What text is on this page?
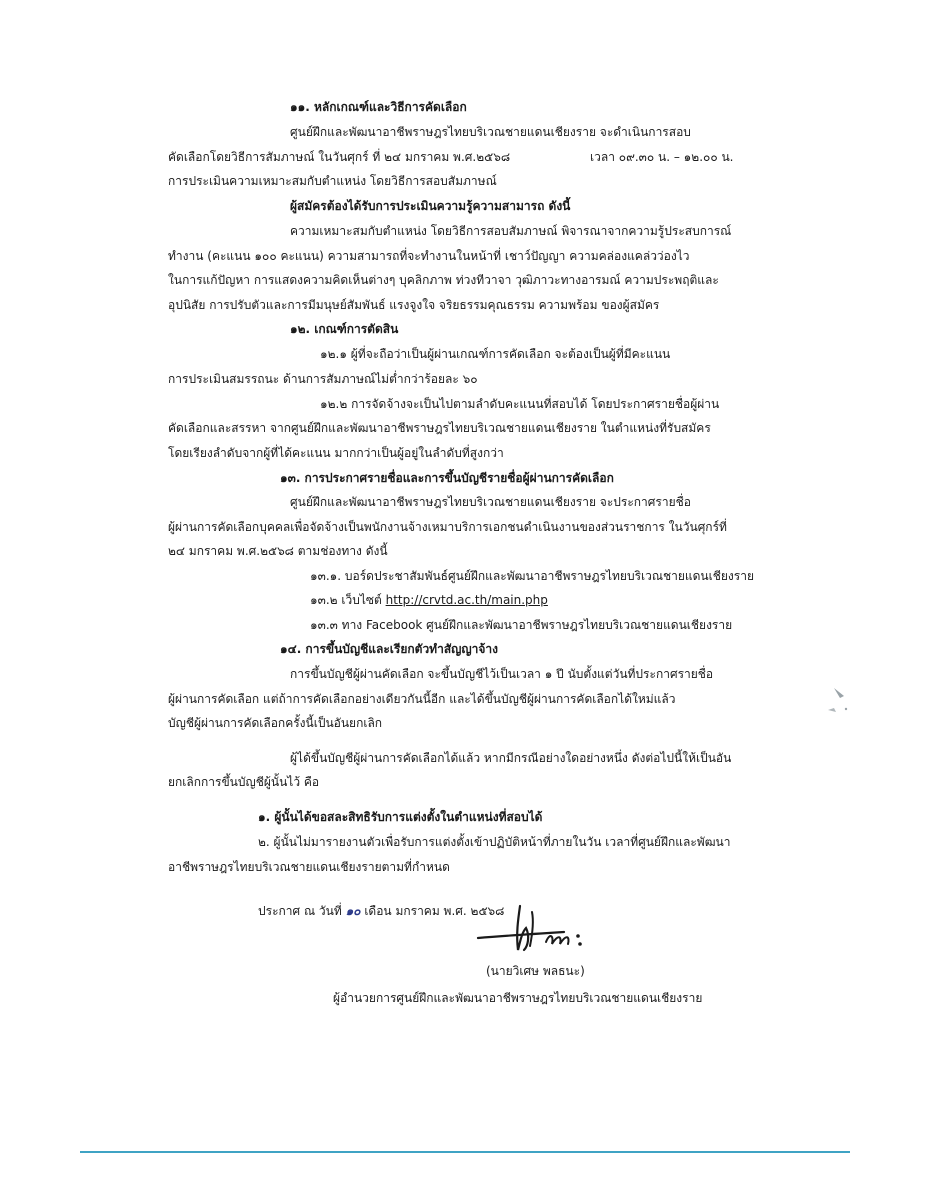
๑๑. หลักเกณฑ์และวิธีการคัดเลือก
ศูนย์ฝึกและพัฒนาอาชีพราษฎรไทยบริเวณชายแดนเชียงราย จะดำเนินการสอบ
คัดเลือกโดยวิธีการสัมภาษณ์ ในวันศุกร์ ที่ ๒๔ มกราคม พ.ศ.๒๕๖๘	เวลา ๐๙.๓๐ น. – ๑๒.๐๐ น.
การประเมินความเหมาะสมกับตำแหน่ง โดยวิธีการสอบสัมภาษณ์
ผู้สมัครต้องได้รับการประเมินความรู้ความสามารถ ดังนี้
ความเหมาะสมกับตำแหน่ง โดยวิธีการสอบสัมภาษณ์ พิจารณาจากความรู้ประสบการณ์
ทำงาน (คะแนน ๑๐๐ คะแนน) ความสามารถที่จะทำงานในหน้าที่ เชาว์ปัญญา ความคล่องแคล่วว่องไว
ในการแก้ปัญหา การแสดงความคิดเห็นต่างๆ บุคลิกภาพ ท่วงทีวาจา วุฒิภาวะทางอารมณ์ ความประพฤติและ
อุปนิสัย การปรับตัวและการมีมนุษย์สัมพันธ์ แรงจูงใจ จริยธรรมคุณธรรม ความพร้อม ของผู้สมัคร
๑๒. เกณฑ์การตัดสิน
๑๒.๑ ผู้ที่จะถือว่าเป็นผู้ผ่านเกณฑ์การคัดเลือก จะต้องเป็นผู้ที่มีคะแนน
การประเมินสมรรถนะ ด้านการสัมภาษณ์ไม่ต่ำกว่าร้อยละ ๖๐
๑๒.๒ การจัดจ้างจะเป็นไปตามลำดับคะแนนที่สอบได้ โดยประกาศรายชื่อผู้ผ่าน
คัดเลือกและสรรหา จากศูนย์ฝึกและพัฒนาอาชีพราษฎรไทยบริเวณชายแดนเชียงราย ในตำแหน่งที่รับสมัคร
โดยเรียงลำดับจากผู้ที่ได้คะแนน มากกว่าเป็นผู้อยู่ในลำดับที่สูงกว่า
๑๓. การประกาศรายชื่อและการขึ้นบัญชีรายชื่อผู้ผ่านการคัดเลือก
ศูนย์ฝึกและพัฒนาอาชีพราษฎรไทยบริเวณชายแดนเชียงราย จะประกาศรายชื่อ
ผู้ผ่านการคัดเลือกบุคคลเพื่อจัดจ้างเป็นพนักงานจ้างเหมาบริการเอกชนดำเนินงานของส่วนราชการ ในวันศุกร์ที่
๒๔ มกราคม พ.ศ.๒๕๖๘ ตามช่องทาง ดังนี้
๑๓.๑. บอร์ดประชาสัมพันธ์ศูนย์ฝึกและพัฒนาอาชีพราษฎรไทยบริเวณชายแดนเชียงราย
๑๓.๒ เว็บไซต์ http://crvtd.ac.th/main.php
๑๓.๓ ทาง Facebook ศูนย์ฝึกและพัฒนาอาชีพราษฎรไทยบริเวณชายแดนเชียงราย
๑๔. การขึ้นบัญชีและเรียกตัวทำสัญญาจ้าง
การขึ้นบัญชีผู้ผ่านคัดเลือก จะขึ้นบัญชีไว้เป็นเวลา ๑ ปี นับตั้งแต่วันที่ประกาศรายชื่อ
ผู้ผ่านการคัดเลือก แต่ถ้าการคัดเลือกอย่างเดียวกันนี้อีก และได้ขึ้นบัญชีผู้ผ่านการคัดเลือกได้ใหม่แล้ว
บัญชีผู้ผ่านการคัดเลือกครั้งนี้เป็นอันยกเลิก
ผู้ได้ขึ้นบัญชีผู้ผ่านการคัดเลือกได้แล้ว หากมีกรณีอย่างใดอย่างหนึ่ง ดังต่อไปนี้ให้เป็นอัน
ยกเลิกการขึ้นบัญชีผู้นั้นไว้ คือ
๑. ผู้นั้นได้ขอสละสิทธิรับการแต่งตั้งในตำแหน่งที่สอบได้
๒. ผู้นั้นไม่มารายงานตัวเพื่อรับการแต่งตั้งเข้าปฏิบัติหน้าที่ภายในวัน เวลาที่ศูนย์ฝึกและพัฒนา
อาชีพราษฎรไทยบริเวณชายแดนเชียงรายตามที่กำหนด
ประกาศ ณ วันที่ ๑๐ เดือน มกราคม พ.ศ. ๒๕๖๘
(นายวิเศษ พลธนะ)
ผู้อำนวยการศูนย์ฝึกและพัฒนาอาชีพราษฎรไทยบริเวณชายแดนเชียงราย
